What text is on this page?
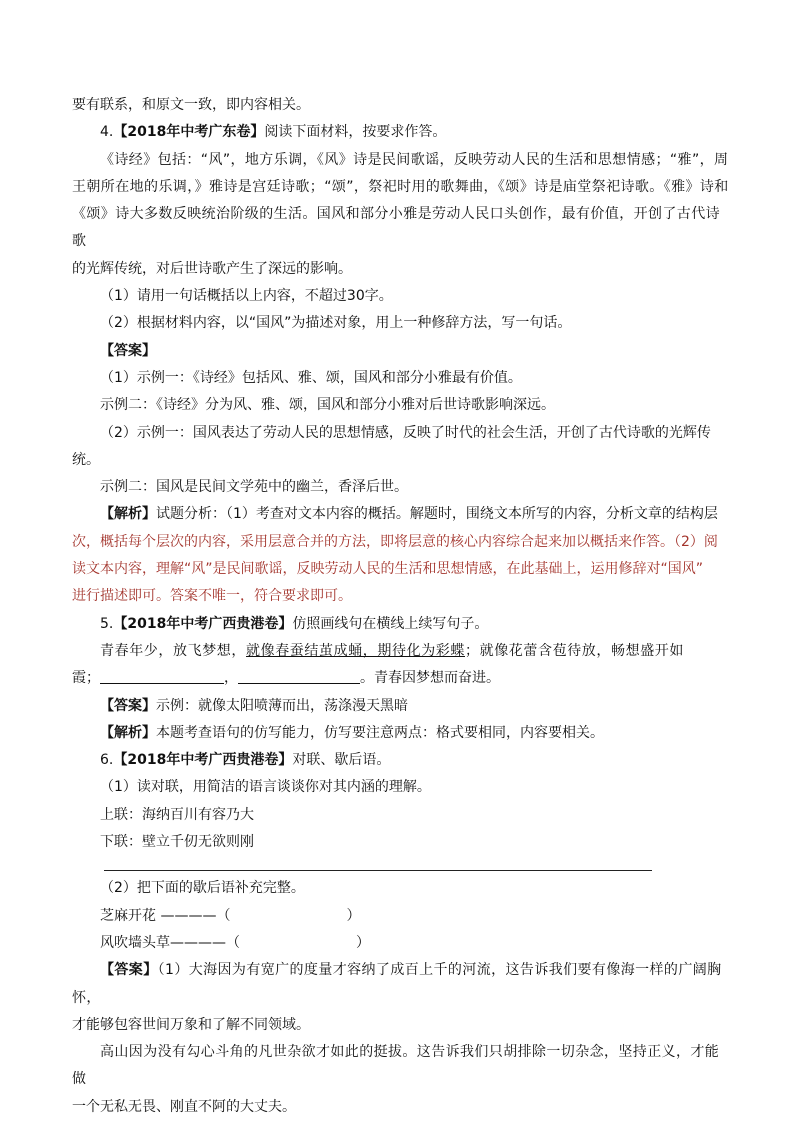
要有联系，和原文一致，即内容相关。

4.【2018年中考广东卷】阅读下面材料，按要求作答。

《诗经》包括：“风”，地方乐调，《风》诗是民间歌谣，反映劳动人民的生活和思想情感；“雅”，周

王朝所在地的乐调，》雅诗是宫廷诗歌；“颂”，祭祀时用的歌舞曲，《颂》诗是庙堂祭祀诗歌。《雅》诗和

《颂》诗大多数反映统治阶级的生活。国风和部分小雅是劳动人民口头创作，最有价值，开创了古代诗歌

的光辉传统，对后世诗歌产生了深远的影响。

（1）请用一句话概括以上内容，不超过30字。

（2）根据材料内容，以“国风”为描述对象，用上一种修辞方法，写一句话。

【答案】

（1）示例一：《诗经》包括风、雅、颂，国风和部分小雅最有价值。

示例二：《诗经》分为风、雅、颂，国风和部分小雅对后世诗歌影响深远。

（2）示例一：国风表达了劳动人民的思想情感，反映了时代的社会生活，开创了古代诗歌的光辉传统。

示例二：国风是民间文学苑中的幽兰，香泽后世。

【解析】试题分析：（1）考查对文本内容的概括。解题时，围绕文本所写的内容，分析文章的结构层

次，概括每个层次的内容，采用层意合并的方法，即将层意的核心内容综合起来加以概括来作答。（2）阅

读文本内容，理解“风”是民间歌谣，反映劳动人民的生活和思想情感，在此基础上，运用修辞对“国风”

进行描述即可。答案不唯一，符合要求即可。

5.【2018年中考广西贵港卷】仿照画线句在横线上续写句子。

青春年少，放飞梦想，就像春蚕结茧成蛹，期待化为彩蝶；就像花蕾含苞待放，畅想盛开如

霞；	，	。青春因梦想而奋进。

【答案】示例：就像太阳喷薄而出，荡涤漫天黑暗

【解析】本题考查语句的仿写能力，仿写要注意两点：格式要相同，内容要相关。

6.【2018年中考广西贵港卷】对联、歇后语。

（1）读对联，用简洁的语言谈谈你对其内涵的理解。

上联：海纳百川有容乃大

下联：壁立千仞无欲则刚

（2）把下面的歇后语补充完整。

芝麻开花 ————（	）

风吹墙头草————（	）

【答案】（1）大海因为有宽广的度量才容纳了成百上千的河流，这告诉我们要有像海一样的广阔胸怀，

才能够包容世间万象和了解不同领域。

高山因为没有勾心斗角的凡世杂欲才如此的挺拔。这告诉我们只胡排除一切杂念，坚持正义，才能做

一个无私无畏、刚直不阿的大丈夫。
